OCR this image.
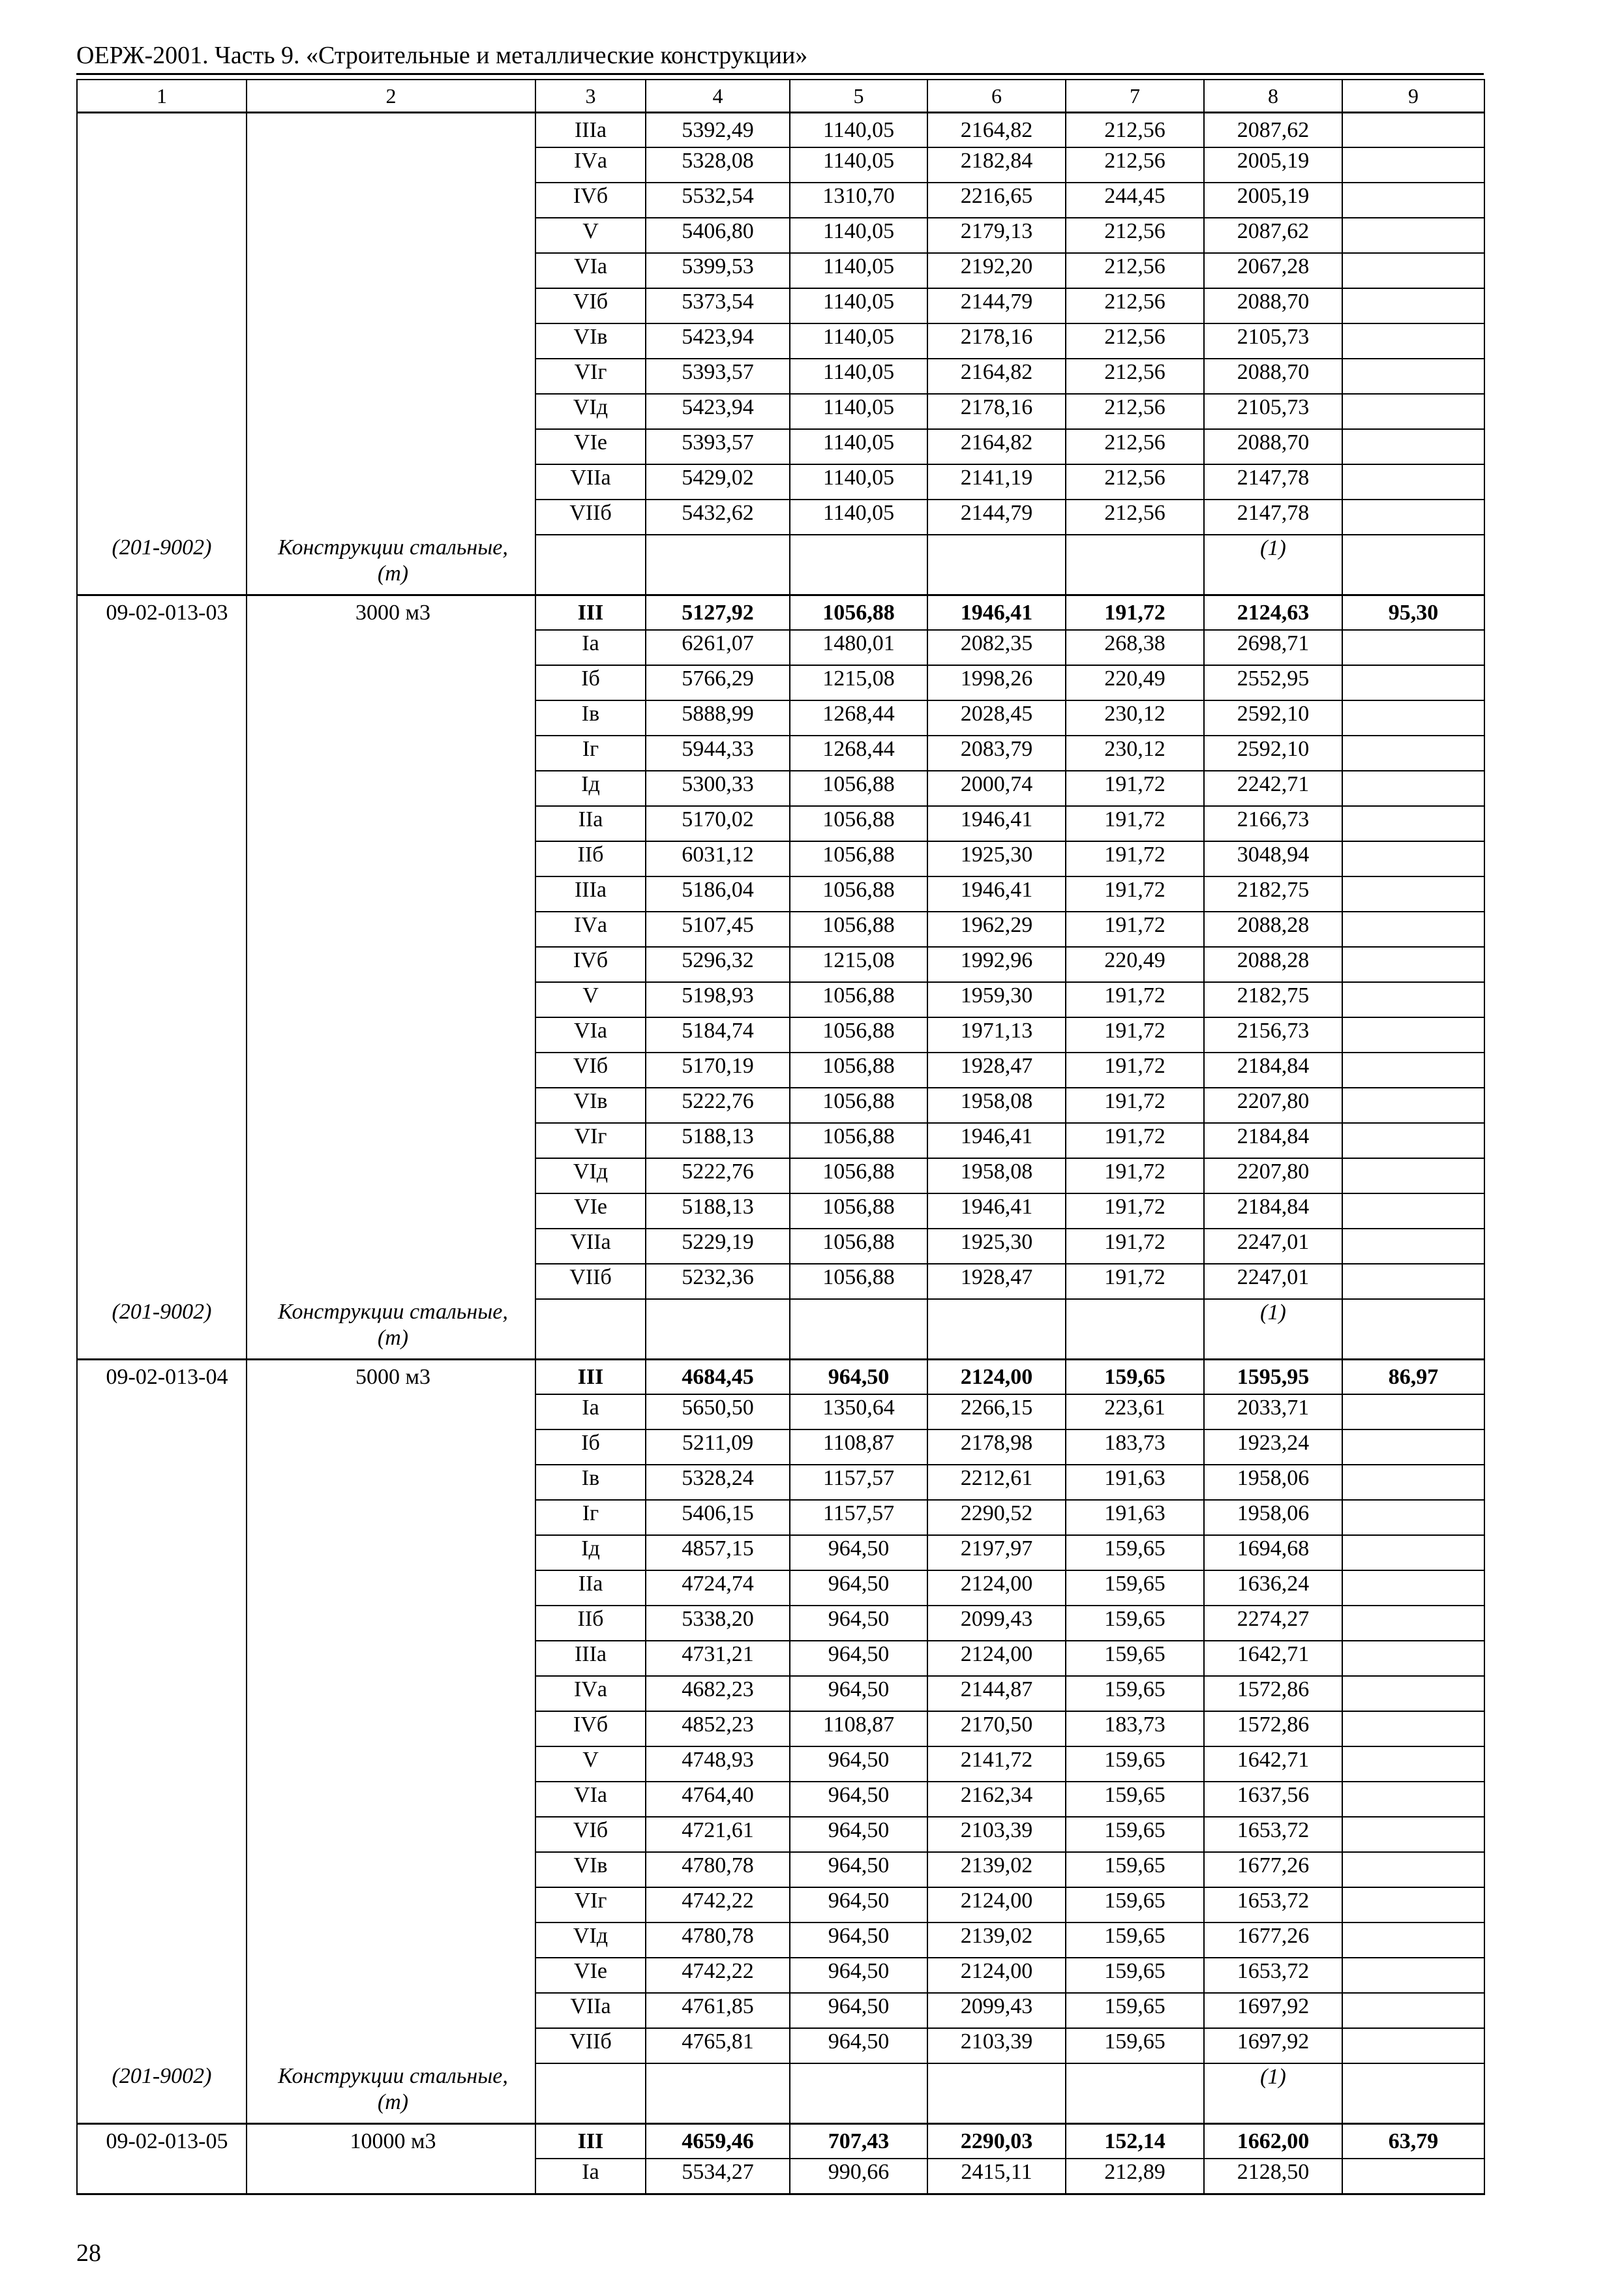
ОЕРЖ-2001. Часть 9. «Строительные и металлические конструкции»
1	2	3	4	5	6	7	8	9
		IIIа	5392,49	1140,05	2164,82	212,56	2087,62	
		IVа	5328,08	1140,05	2182,84	212,56	2005,19	
		IVб	5532,54	1310,70	2216,65	244,45	2005,19	
		V	5406,80	1140,05	2179,13	212,56	2087,62	
		VIа	5399,53	1140,05	2192,20	212,56	2067,28	
		VIб	5373,54	1140,05	2144,79	212,56	2088,70	
		VIв	5423,94	1140,05	2178,16	212,56	2105,73	
		VIг	5393,57	1140,05	2164,82	212,56	2088,70	
		VIд	5423,94	1140,05	2178,16	212,56	2105,73	
		VIе	5393,57	1140,05	2164,82	212,56	2088,70	
		VIIа	5429,02	1140,05	2141,19	212,56	2147,78	
		VIIб	5432,62	1140,05	2144,79	212,56	2147,78	
(201-9002)	Конструкции стальные,
(т)						(1)	
09-02-013-03	3000 м3	III	5127,92	1056,88	1946,41	191,72	2124,63	95,30
		Iа	6261,07	1480,01	2082,35	268,38	2698,71	
		Iб	5766,29	1215,08	1998,26	220,49	2552,95	
		Iв	5888,99	1268,44	2028,45	230,12	2592,10	
		Iг	5944,33	1268,44	2083,79	230,12	2592,10	
		Iд	5300,33	1056,88	2000,74	191,72	2242,71	
		IIа	5170,02	1056,88	1946,41	191,72	2166,73	
		IIб	6031,12	1056,88	1925,30	191,72	3048,94	
		IIIа	5186,04	1056,88	1946,41	191,72	2182,75	
		IVа	5107,45	1056,88	1962,29	191,72	2088,28	
		IVб	5296,32	1215,08	1992,96	220,49	2088,28	
		V	5198,93	1056,88	1959,30	191,72	2182,75	
		VIа	5184,74	1056,88	1971,13	191,72	2156,73	
		VIб	5170,19	1056,88	1928,47	191,72	2184,84	
		VIв	5222,76	1056,88	1958,08	191,72	2207,80	
		VIг	5188,13	1056,88	1946,41	191,72	2184,84	
		VIд	5222,76	1056,88	1958,08	191,72	2207,80	
		VIе	5188,13	1056,88	1946,41	191,72	2184,84	
		VIIа	5229,19	1056,88	1925,30	191,72	2247,01	
		VIIб	5232,36	1056,88	1928,47	191,72	2247,01	
(201-9002)	Конструкции стальные,
(т)						(1)	
09-02-013-04	5000 м3	III	4684,45	964,50	2124,00	159,65	1595,95	86,97
		Iа	5650,50	1350,64	2266,15	223,61	2033,71	
		Iб	5211,09	1108,87	2178,98	183,73	1923,24	
		Iв	5328,24	1157,57	2212,61	191,63	1958,06	
		Iг	5406,15	1157,57	2290,52	191,63	1958,06	
		Iд	4857,15	964,50	2197,97	159,65	1694,68	
		IIа	4724,74	964,50	2124,00	159,65	1636,24	
		IIб	5338,20	964,50	2099,43	159,65	2274,27	
		IIIа	4731,21	964,50	2124,00	159,65	1642,71	
		IVа	4682,23	964,50	2144,87	159,65	1572,86	
		IVб	4852,23	1108,87	2170,50	183,73	1572,86	
		V	4748,93	964,50	2141,72	159,65	1642,71	
		VIа	4764,40	964,50	2162,34	159,65	1637,56	
		VIб	4721,61	964,50	2103,39	159,65	1653,72	
		VIв	4780,78	964,50	2139,02	159,65	1677,26	
		VIг	4742,22	964,50	2124,00	159,65	1653,72	
		VIд	4780,78	964,50	2139,02	159,65	1677,26	
		VIе	4742,22	964,50	2124,00	159,65	1653,72	
		VIIа	4761,85	964,50	2099,43	159,65	1697,92	
		VIIб	4765,81	964,50	2103,39	159,65	1697,92	
(201-9002)	Конструкции стальные,
(т)						(1)	
09-02-013-05	10000 м3	III	4659,46	707,43	2290,03	152,14	1662,00	63,79
		Iа	5534,27	990,66	2415,11	212,89	2128,50	
28
